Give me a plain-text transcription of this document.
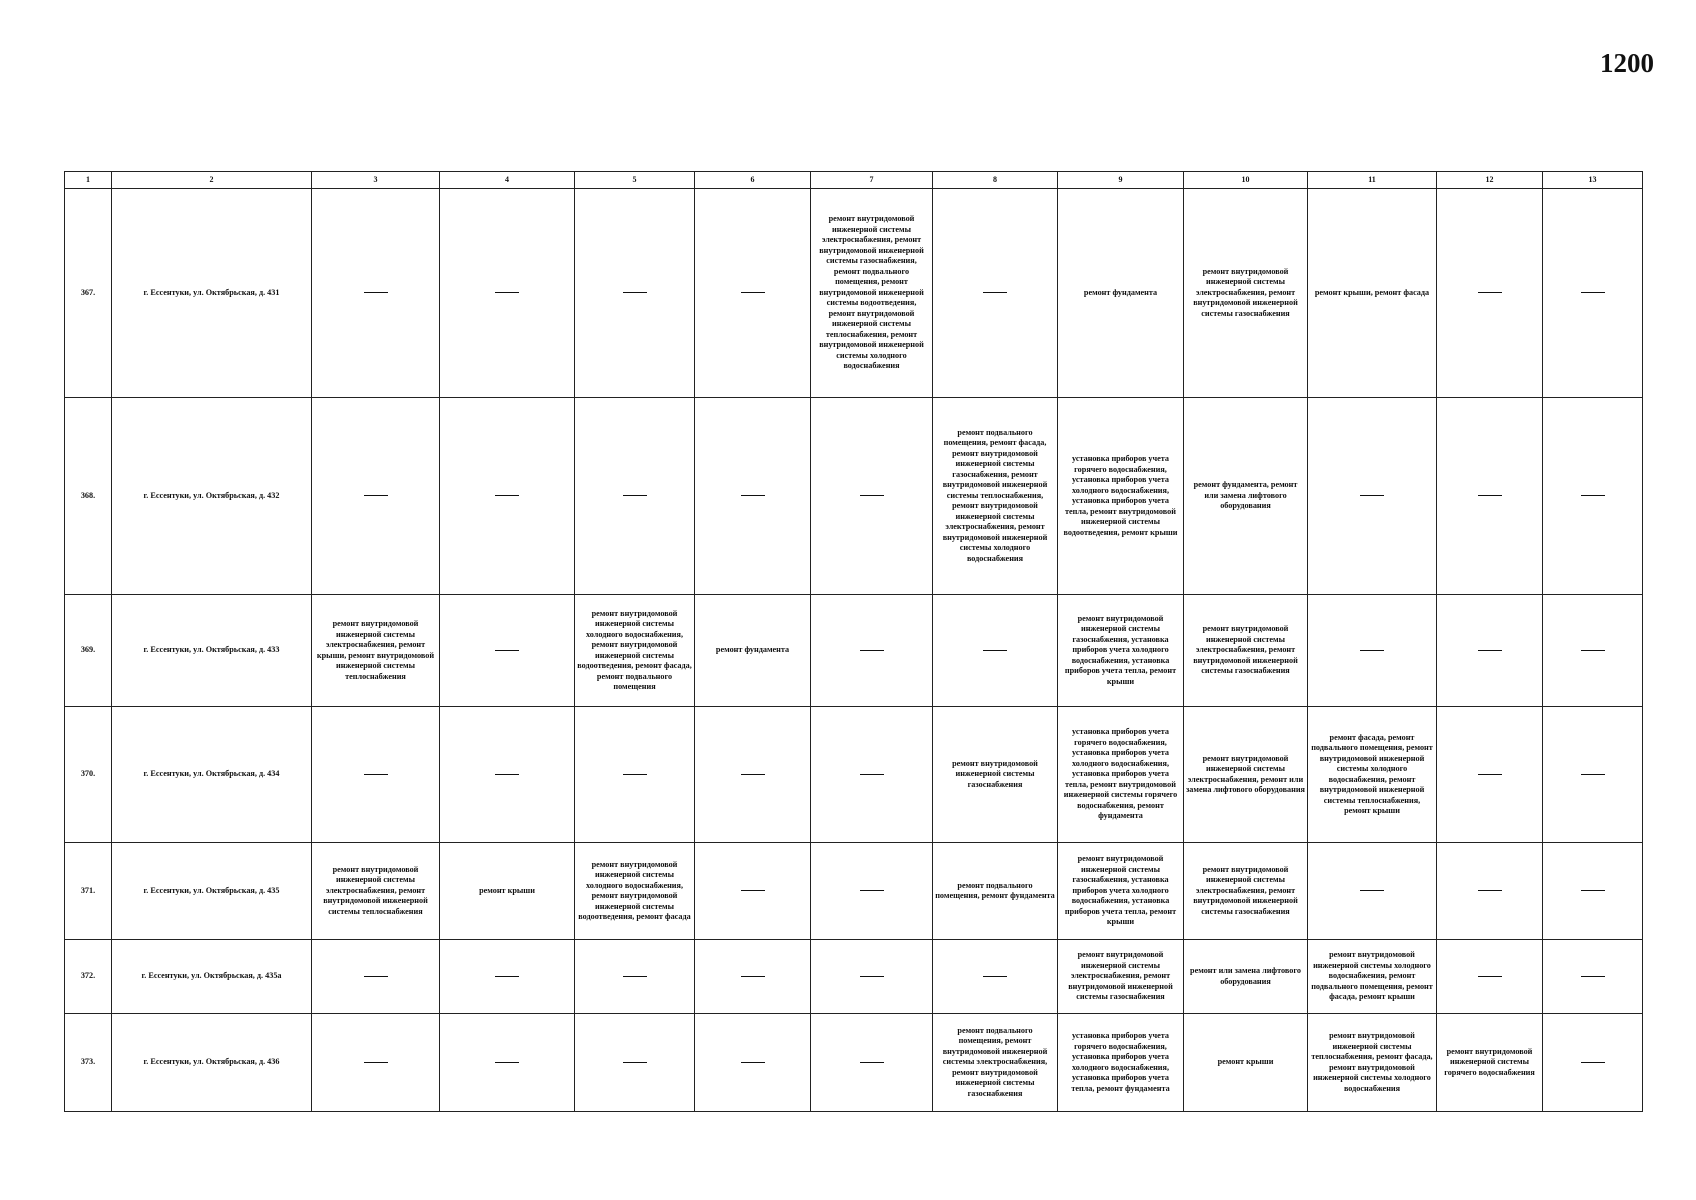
1200
1	2	3	4	5	6	7	8	9	10	11	12	13
367.	г. Ессентуки, ул. Октябрьская, д. 431					ремонт внутридомовой инженерной системы электроснабжения, ремонт внутридомовой инженерной системы газоснабжения, ремонт подвального помещения, ремонт внутридомовой инженерной системы водоотведения, ремонт внутридомовой инженерной системы теплоснабжения, ремонт внутридомовой инженерной системы холодного водоснабжения		ремонт фундамента	ремонт внутридомовой инженерной системы электроснабжения, ремонт внутридомовой инженерной системы газоснабжения	ремонт крыши, ремонт фасада		
368.	г. Ессентуки, ул. Октябрьская, д. 432						ремонт подвального помещения, ремонт фасада, ремонт внутридомовой инженерной системы газоснабжения, ремонт внутридомовой инженерной системы теплоснабжения, ремонт внутридомовой инженерной системы электроснабжения, ремонт внутридомовой инженерной системы холодного водоснабжения	установка приборов учета горячего водоснабжения, установка приборов учета холодного водоснабжения, установка приборов учета тепла, ремонт внутридомовой инженерной системы водоотведения, ремонт крыши	ремонт фундамента, ремонт или замена лифтового оборудования			
369.	г. Ессентуки, ул. Октябрьская, д. 433	ремонт внутридомовой инженерной системы электроснабжения, ремонт крыши, ремонт внутридомовой инженерной системы теплоснабжения		ремонт внутридомовой инженерной системы холодного водоснабжения, ремонт внутридомовой инженерной системы водоотведения, ремонт фасада, ремонт подвального помещения	ремонт фундамента			ремонт внутридомовой инженерной системы газоснабжения, установка приборов учета холодного водоснабжения, установка приборов учета тепла, ремонт крыши	ремонт внутридомовой инженерной системы электроснабжения, ремонт внутридомовой инженерной системы газоснабжения			
370.	г. Ессентуки, ул. Октябрьская, д. 434						ремонт внутридомовой инженерной системы газоснабжения	установка приборов учета горячего водоснабжения, установка приборов учета холодного водоснабжения, установка приборов учета тепла, ремонт внутридомовой инженерной системы горячего водоснабжения, ремонт фундамента	ремонт внутридомовой инженерной системы электроснабжения, ремонт или замена лифтового оборудования	ремонт фасада, ремонт подвального помещения, ремонт внутридомовой инженерной системы холодного водоснабжения, ремонт внутридомовой инженерной системы теплоснабжения, ремонт крыши		
371.	г. Ессентуки, ул. Октябрьская, д. 435	ремонт внутридомовой инженерной системы электроснабжения, ремонт внутридомовой инженерной системы теплоснабжения	ремонт крыши	ремонт внутридомовой инженерной системы холодного водоснабжения, ремонт внутридомовой инженерной системы водоотведения, ремонт фасада			ремонт подвального помещения, ремонт фундамента	ремонт внутридомовой инженерной системы газоснабжения, установка приборов учета холодного водоснабжения, установка приборов учета тепла, ремонт крыши	ремонт внутридомовой инженерной системы электроснабжения, ремонт внутридомовой инженерной системы газоснабжения			
372.	г. Ессентуки, ул. Октябрьская, д. 435а							ремонт внутридомовой инженерной системы электроснабжения, ремонт внутридомовой инженерной системы газоснабжения	ремонт или замена лифтового оборудования	ремонт внутридомовой инженерной системы холодного водоснабжения, ремонт подвального помещения, ремонт фасада, ремонт крыши		
373.	г. Ессентуки, ул. Октябрьская, д. 436						ремонт подвального помещения, ремонт внутридомовой инженерной системы электроснабжения, ремонт внутридомовой инженерной системы газоснабжения	установка приборов учета горячего водоснабжения, установка приборов учета холодного водоснабжения, установка приборов учета тепла, ремонт фундамента	ремонт крыши	ремонт внутридомовой инженерной системы теплоснабжения, ремонт фасада, ремонт внутридомовой инженерной системы холодного водоснабжения	ремонт внутридомовой инженерной системы горячего водоснабжения	
